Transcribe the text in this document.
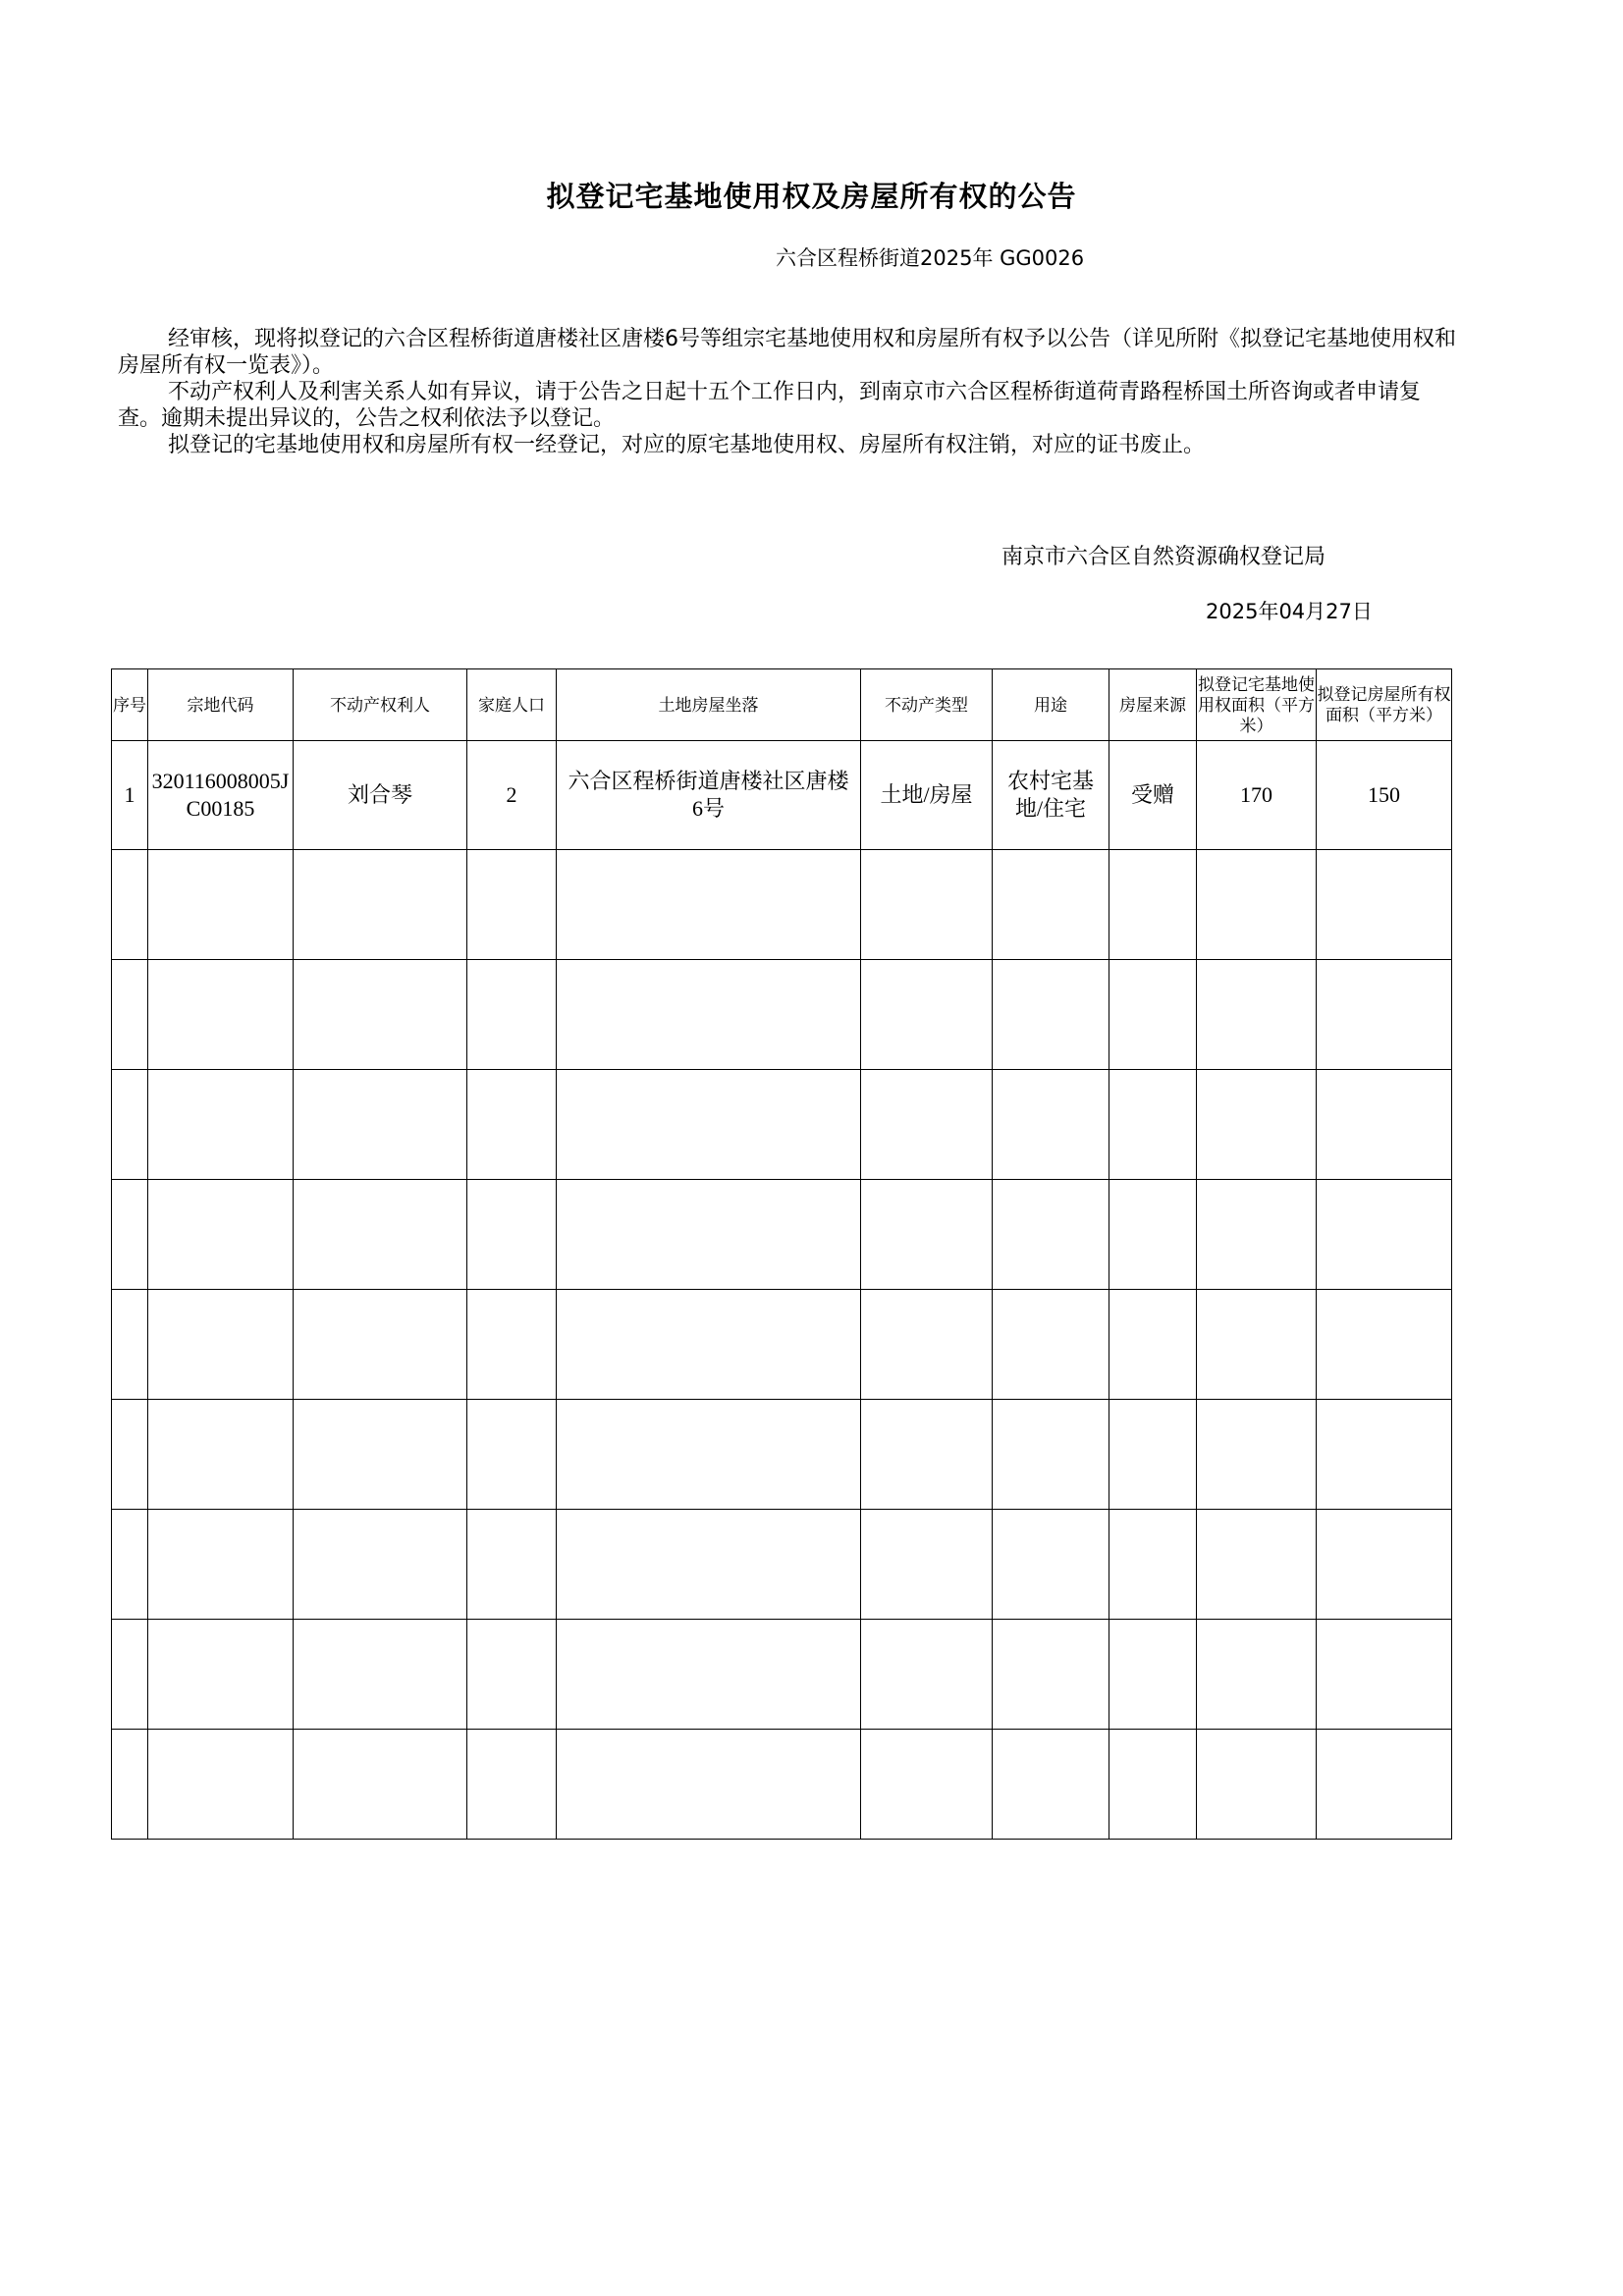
拟登记宅基地使用权及房屋所有权的公告
六合区程桥街道2025年 GG0026

经审核，现将拟登记的六合区程桥街道唐楼社区唐楼6号等组宗宅基地使用权和房屋所有权予以公告（详见所附《拟登记宅基地使用权和房屋所有权一览表》）。

不动产权利人及利害关系人如有异议，请于公告之日起十五个工作日内，到南京市六合区程桥街道荷青路程桥国土所咨询或者申请复查。逾期未提出异议的，公告之权利依法予以登记。

拟登记的宅基地使用权和房屋所有权一经登记，对应的原宅基地使用权、房屋所有权注销，对应的证书废止。

南京市六合区自然资源确权登记局
2025年04月27日
序号	宗地代码	不动产权利人	家庭人口	土地房屋坐落	不动产类型	用途	房屋来源	拟登记宅基地使用权面积（平方米）	拟登记房屋所有权面积（平方米）
1	320116008005JC00185	刘合琴	2	六合区程桥街道唐楼社区唐楼6号	土地/房屋	农村宅基地/住宅	受赠	170	150
